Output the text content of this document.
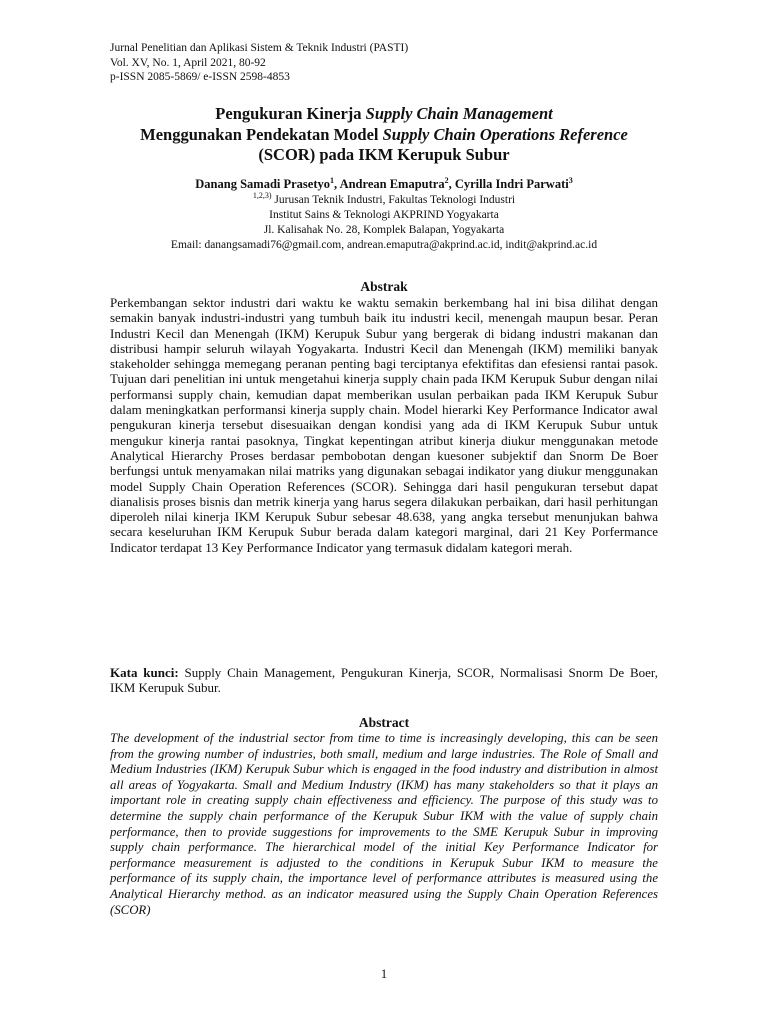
Jurnal Penelitian dan Aplikasi Sistem & Teknik Industri (PASTI)
Vol. XV, No. 1, April 2021, 80-92
p-ISSN 2085-5869/ e-ISSN 2598-4853
Pengukuran Kinerja Supply Chain Management
Menggunakan Pendekatan Model Supply Chain Operations Reference
(SCOR) pada IKM Kerupuk Subur
Danang Samadi Prasetyo$^1$, Andrean Emaputra$^2$, Cyrilla Indri Parwati$^3$
$^{1,2,3)}$ Jurusan Teknik Industri, Fakultas Teknologi Industri
Institut Sains & Teknologi AKPRIND Yogyakarta
Jl. Kalisahak No. 28, Komplek Balapan, Yogyakarta
Email: danangsamadi76@gmail.com, andrean.emaputra@akprind.ac.id, indit@akprind.ac.id
Abstrak
Perkembangan sektor industri dari waktu ke waktu semakin berkembang hal ini bisa dilihat dengan semakin banyak industri-industri yang tumbuh baik itu industri kecil, menengah maupun besar. Peran Industri Kecil dan Menengah (IKM) Kerupuk Subur yang bergerak di bidang industri makanan dan distribusi hampir seluruh wilayah Yogyakarta. Industri Kecil dan Menengah (IKM) memiliki banyak stakeholder sehingga memegang peranan penting bagi terciptanya efektifitas dan efesiensi rantai pasok. Tujuan dari penelitian ini untuk mengetahui kinerja supply chain pada IKM Kerupuk Subur dengan nilai performansi supply chain, kemudian dapat memberikan usulan perbaikan pada IKM Kerupuk Subur dalam meningkatkan performansi kinerja supply chain. Model hierarki Key Performance Indicator awal pengukuran kinerja tersebut disesuaikan dengan kondisi yang ada di IKM Kerupuk Subur untuk mengukur kinerja rantai pasoknya, Tingkat kepentingan atribut kinerja diukur menggunakan metode Analytical Hierarchy Proses berdasar pembobotan dengan kuesoner subjektif dan Snorm De Boer berfungsi untuk menyamakan nilai matriks yang digunakan sebagai indikator yang diukur menggunakan model Supply Chain Operation References (SCOR). Sehingga dari hasil pengukuran tersebut dapat dianalisis proses bisnis dan metrik kinerja yang harus segera dilakukan perbaikan, dari hasil perhitungan diperoleh nilai kinerja IKM Kerupuk Subur sebesar 48.638, yang angka tersebut menunjukan bahwa secara keseluruhan IKM Kerupuk Subur berada dalam kategori marginal, dari 21 Key Porfermance Indicator terdapat 13 Key Performance Indicator yang termasuk didalam kategori merah.
Kata kunci: Supply Chain Management, Pengukuran Kinerja, SCOR, Normalisasi Snorm De Boer, IKM Kerupuk Subur.
Abstract
The development of the industrial sector from time to time is increasingly developing, this can be seen from the growing number of industries, both small, medium and large industries. The Role of Small and Medium Industries (IKM) Kerupuk Subur which is engaged in the food industry and distribution in almost all areas of Yogyakarta. Small and Medium Industry (IKM) has many stakeholders so that it plays an important role in creating supply chain effectiveness and efficiency. The purpose of this study was to determine the supply chain performance of the Kerupuk Subur IKM with the value of supply chain performance, then to provide suggestions for improvements to the SME Kerupuk Subur in improving supply chain performance. The hierarchical model of the initial Key Performance Indicator for performance measurement is adjusted to the conditions in Kerupuk Subur IKM to measure the performance of its supply chain, the importance level of performance attributes is measured using the Analytical Hierarchy method. as an indicator measured using the Supply Chain Operation References (SCOR)
1
